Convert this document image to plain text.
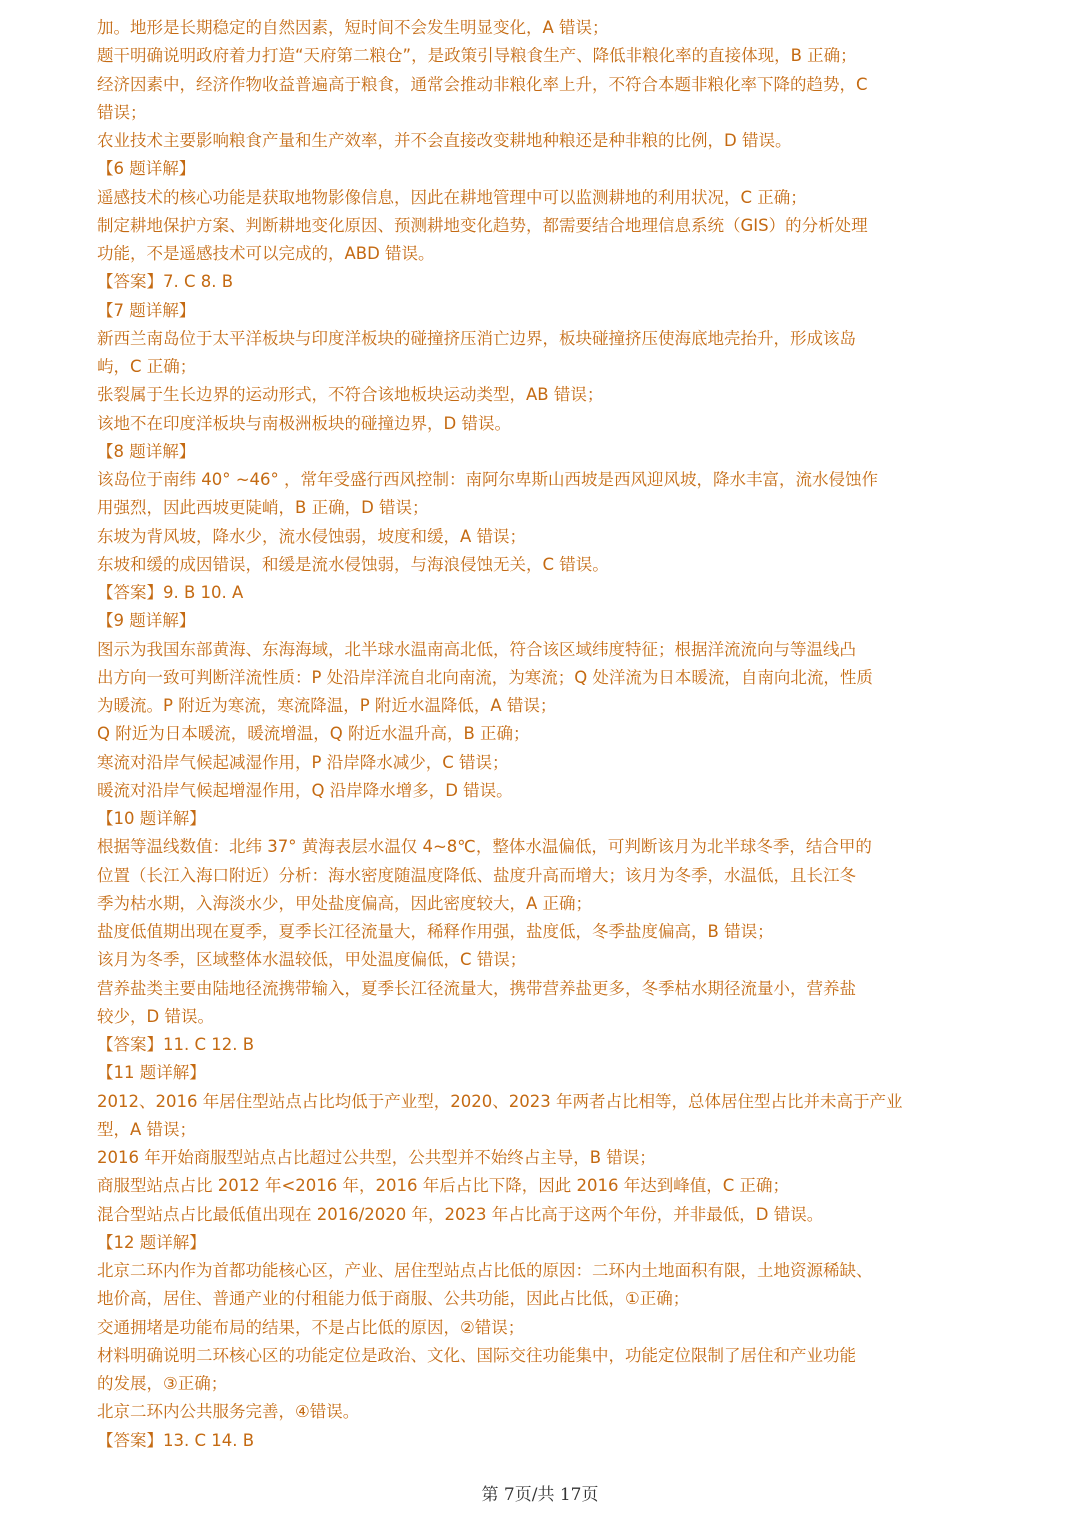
加。地形是长期稳定的自然因素，短时间不会发生明显变化，A 错误；
题干明确说明政府着力打造“天府第二粮仓”，是政策引导粮食生产、降低非粮化率的直接体现，B 正确；
经济因素中，经济作物收益普遍高于粮食，通常会推动非粮化率上升，不符合本题非粮化率下降的趋势，C
错误；
农业技术主要影响粮食产量和生产效率，并不会直接改变耕地种粮还是种非粮的比例，D 错误。
【6 题详解】
遥感技术的核心功能是获取地物影像信息，因此在耕地管理中可以监测耕地的利用状况，C 正确；
制定耕地保护方案、判断耕地变化原因、预测耕地变化趋势，都需要结合地理信息系统（GIS）的分析处理
功能，不是遥感技术可以完成的，ABD 错误。
【答案】7. C 8. B
【7 题详解】
新西兰南岛位于太平洋板块与印度洋板块的碰撞挤压消亡边界，板块碰撞挤压使海底地壳抬升，形成该岛
屿，C 正确；
张裂属于生长边界的运动形式，不符合该地板块运动类型，AB 错误；
该地不在印度洋板块与南极洲板块的碰撞边界，D 错误。
【8 题详解】
该岛位于南纬 40° ~46° ，常年受盛行西风控制：南阿尔卑斯山西坡是西风迎风坡，降水丰富，流水侵蚀作
用强烈，因此西坡更陡峭，B 正确，D 错误；
东坡为背风坡，降水少，流水侵蚀弱，坡度和缓，A 错误；
东坡和缓的成因错误，和缓是流水侵蚀弱，与海浪侵蚀无关，C 错误。
【答案】9. B 10. A
【9 题详解】
图示为我国东部黄海、东海海域，北半球水温南高北低，符合该区域纬度特征；根据洋流流向与等温线凸
出方向一致可判断洋流性质：P 处沿岸洋流自北向南流，为寒流；Q 处洋流为日本暖流，自南向北流，性质
为暖流。P 附近为寒流，寒流降温，P 附近水温降低，A 错误；
Q 附近为日本暖流，暖流增温，Q 附近水温升高，B 正确；
寒流对沿岸气候起减湿作用，P 沿岸降水减少，C 错误；
暖流对沿岸气候起增湿作用，Q 沿岸降水增多，D 错误。
【10 题详解】
根据等温线数值：北纬 37° 黄海表层水温仅 4~8℃，整体水温偏低，可判断该月为北半球冬季，结合甲的
位置（长江入海口附近）分析：海水密度随温度降低、盐度升高而增大；该月为冬季，水温低，且长江冬
季为枯水期，入海淡水少，甲处盐度偏高，因此密度较大，A 正确；
盐度低值期出现在夏季，夏季长江径流量大，稀释作用强，盐度低，冬季盐度偏高，B 错误；
该月为冬季，区域整体水温较低，甲处温度偏低，C 错误；
营养盐类主要由陆地径流携带输入，夏季长江径流量大，携带营养盐更多，冬季枯水期径流量小，营养盐
较少，D 错误。
【答案】11. C 12. B
【11 题详解】
2012、2016 年居住型站点占比均低于产业型，2020、2023 年两者占比相等，总体居住型占比并未高于产业
型，A 错误；
2016 年开始商服型站点占比超过公共型，公共型并不始终占主导，B 错误；
商服型站点占比 2012 年<2016 年，2016 年后占比下降，因此 2016 年达到峰值，C 正确；
混合型站点占比最低值出现在 2016/2020 年，2023 年占比高于这两个年份，并非最低，D 错误。
【12 题详解】
北京二环内作为首都功能核心区，产业、居住型站点占比低的原因：二环内土地面积有限，土地资源稀缺、
地价高，居住、普通产业的付租能力低于商服、公共功能，因此占比低，①正确；
交通拥堵是功能布局的结果，不是占比低的原因，②错误；
材料明确说明二环核心区的功能定位是政治、文化、国际交往功能集中，功能定位限制了居住和产业功能
的发展，③正确；
北京二环内公共服务完善，④错误。
【答案】13. C 14. B
第 7页/共 17页
